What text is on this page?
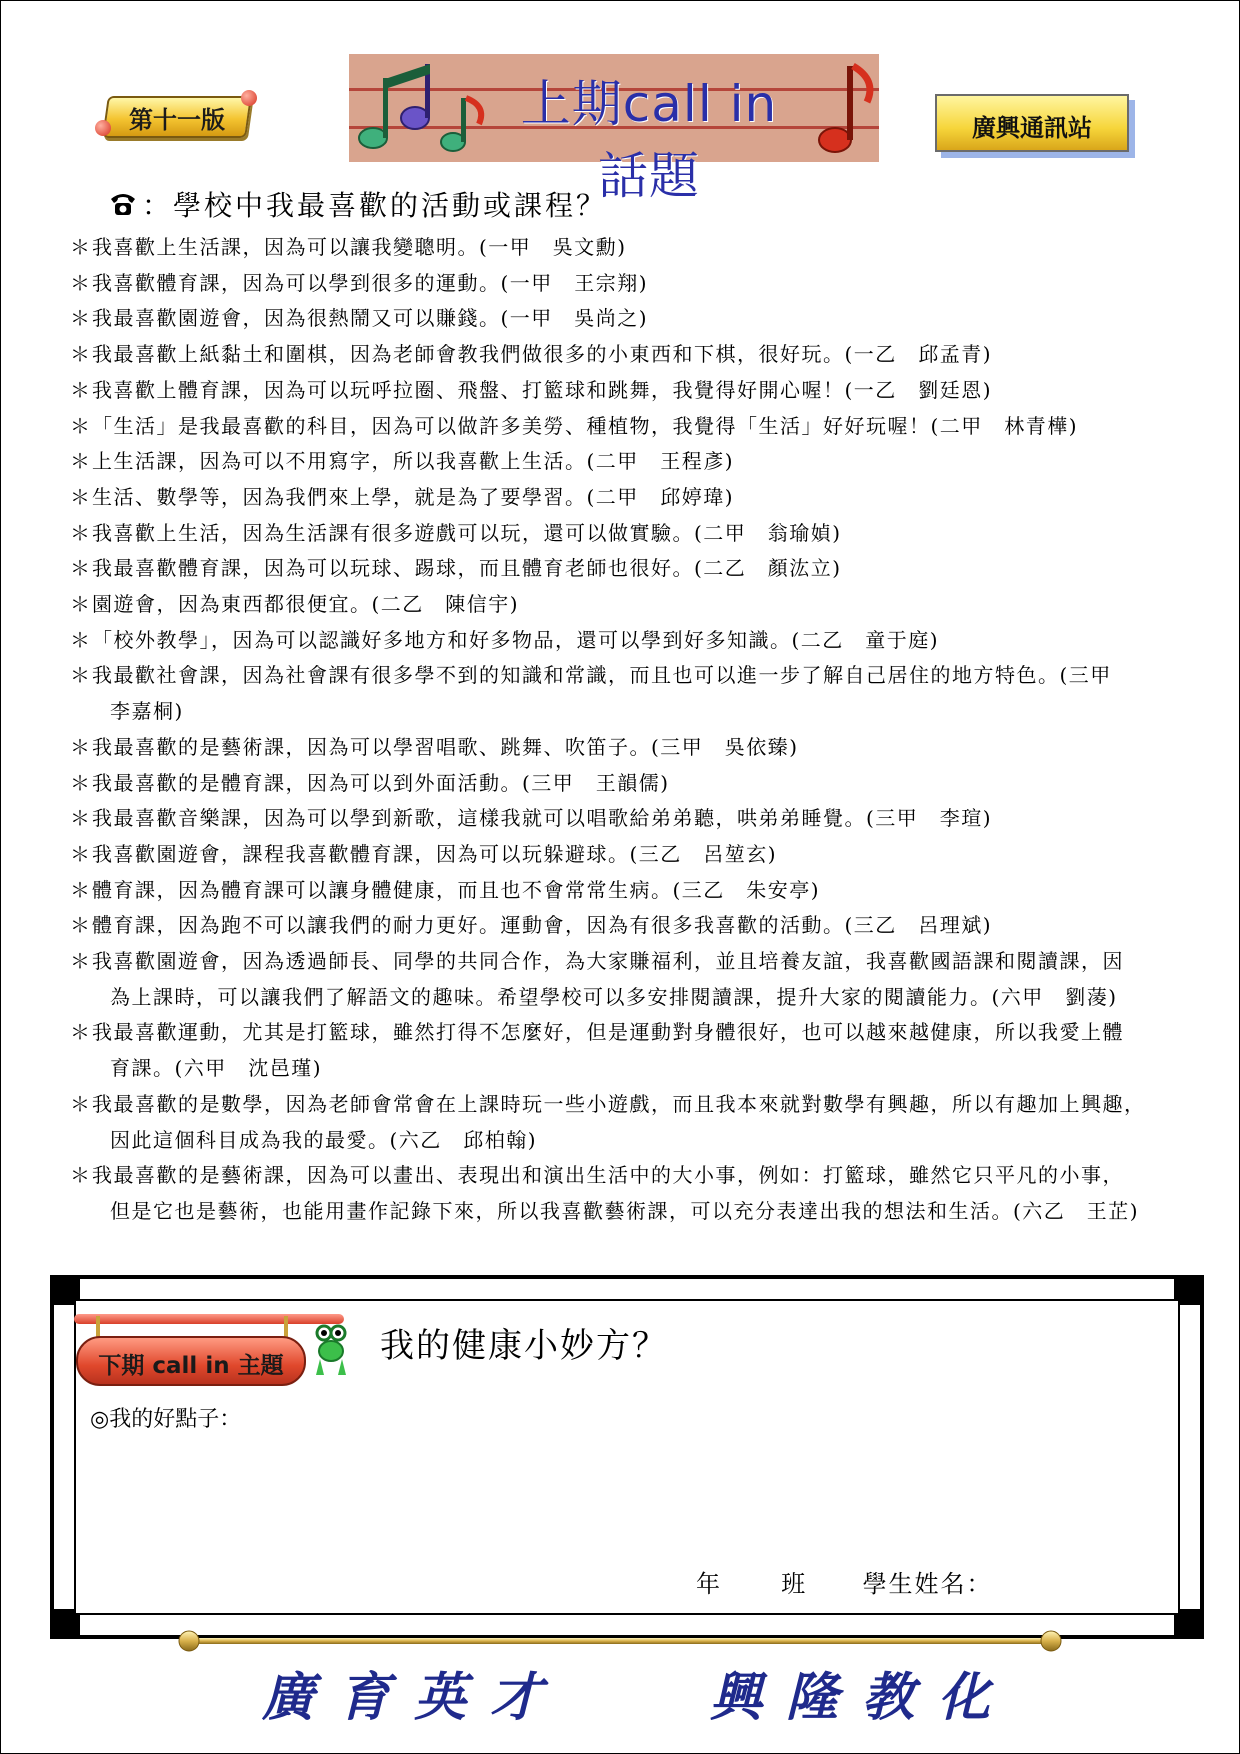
第十一版	上期call in話題
廣興通訊站
： 學校中我最喜歡的活動或課程？
＊ 我喜歡上生活課，因為可以讓我變聰明。(一甲　吳文勳)
＊ 我喜歡體育課，因為可以學到很多的運動。(一甲　王宗翔)
＊ 我最喜歡園遊會，因為很熱鬧又可以賺錢。(一甲　吳尚之)
＊ 我最喜歡上紙黏土和圍棋，因為老師會教我們做很多的小東西和下棋，很好玩。(一乙　邱孟青)
＊ 我喜歡上體育課，因為可以玩呼拉圈、飛盤、打籃球和跳舞，我覺得好開心喔！(一乙　劉廷恩)
＊ 「生活」是我最喜歡的科目，因為可以做許多美勞、種植物，我覺得「生活」好好玩喔！(二甲　林青樺)
＊ 上生活課，因為可以不用寫字，所以我喜歡上生活。(二甲　王程彥)
＊ 生活、數學等，因為我們來上學，就是為了要學習。(二甲　邱婷瑋)
＊ 我喜歡上生活，因為生活課有很多遊戲可以玩，還可以做實驗。(二甲　翁瑜媜)
＊ 我最喜歡體育課，因為可以玩球、踢球，而且體育老師也很好。(二乙　顏汯立)
＊ 園遊會，因為東西都很便宜。(二乙　陳信宇)
＊ 「校外教學」，因為可以認識好多地方和好多物品，還可以學到好多知識。(二乙　童于庭)
＊ 我最歡社會課，因為社會課有很多學不到的知識和常識，而且也可以進一步了解自己居住的地方特色。(三甲
李嘉桐)
＊ 我最喜歡的是藝術課，因為可以學習唱歌、跳舞、吹笛子。(三甲　吳依臻)
＊ 我最喜歡的是體育課，因為可以到外面活動。(三甲　王韻儒)
＊ 我最喜歡音樂課，因為可以學到新歌，這樣我就可以唱歌給弟弟聽，哄弟弟睡覺。(三甲　李瑄)
＊ 我喜歡園遊會，課程我喜歡體育課，因為可以玩躲避球。(三乙　呂堃玄)
＊ 體育課，因為體育課可以讓身體健康，而且也不會常常生病。(三乙　朱安亭)
＊ 體育課，因為跑不可以讓我們的耐力更好。運動會，因為有很多我喜歡的活動。(三乙　呂理斌)
＊ 我喜歡園遊會，因為透過師長、同學的共同合作，為大家賺福利，並且培養友誼，我喜歡國語課和閱讀課，因
為上課時，可以讓我們了解語文的趣味。希望學校可以多安排閱讀課，提升大家的閱讀能力。(六甲　劉蓤)
＊ 我最喜歡運動，尤其是打籃球，雖然打得不怎麼好，但是運動對身體很好，也可以越來越健康，所以我愛上體
育課。(六甲　沈邑瑾)
＊ 我最喜歡的是數學，因為老師會常會在上課時玩一些小遊戲，而且我本來就對數學有興趣，所以有趣加上興趣，
因此這個科目成為我的最愛。(六乙　邱柏翰)
＊ 我最喜歡的是藝術課，因為可以畫出、表現出和演出生活中的大小事，例如：打籃球，雖然它只平凡的小事，
但是它也是藝術，也能用畫作記錄下來，所以我喜歡藝術課，可以充分表達出我的想法和生活。(六乙　王芷)
下期 call in 主題	我的健康小妙方？
◎我的好點子：
年 班 學生姓名：
廣育英才	興隆教化
